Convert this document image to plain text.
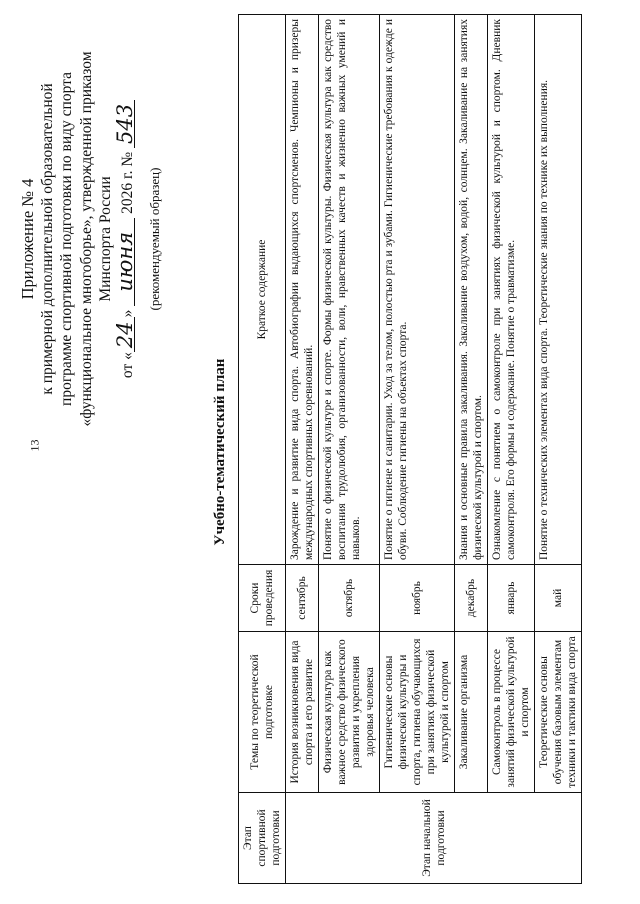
13
Приложение № 4 к примерной дополнительной образовательной программе спортивной подготовки по виду спорта «функциональное многоборье», утвержденной приказом Минспорта России
от «24» июня 2026 г. № 543
(рекомендуемый образец)
Учебно-тематический план
Этап спортивной подготовки	Темы по теоретической подготовке	Сроки проведения	Краткое содержание
Этап начальной подготовки	История возникновения вида спорта и его развитие	сентябрь	Зарождение и развитие вида спорта. Автобиографии выдающихся спортсменов. Чемпионы и призеры международных спортивных соревнований.
	Физическая культура как важное средство физического развития и укрепления здоровья человека	октябрь	Понятие о физической культуре и спорте. Формы физической культуры. Физическая культура как средство воспитания трудолюбия, организованности, воли, нравственных качеств и жизненно важных умений и навыков.
	Гигиенические основы физической культуры и спорта, гигиена обучающихся при занятиях физической культурой и спортом	ноябрь	Понятие о гигиене и санитарии. Уход за телом, полостью рта и зубами. Гигиенические требования к одежде и обуви. Соблюдение гигиены на объектах спорта.
	Закаливание организма	декабрь	Знания и основные правила закаливания. Закаливание воздухом, водой, солнцем. Закаливание на занятиях физической культурой и спортом.
	Самоконтроль в процессе занятий физической культурой и спортом	январь	Ознакомление с понятием о самоконтроле при занятиях физической культурой и спортом. Дневник самоконтроля. Его формы и содержание. Понятие о травматизме.
	Теоретические основы обучения базовым элементам техники и тактики вида спорта	май	Понятие о технических элементах вида спорта. Теоретические знания по технике их выполнения.
